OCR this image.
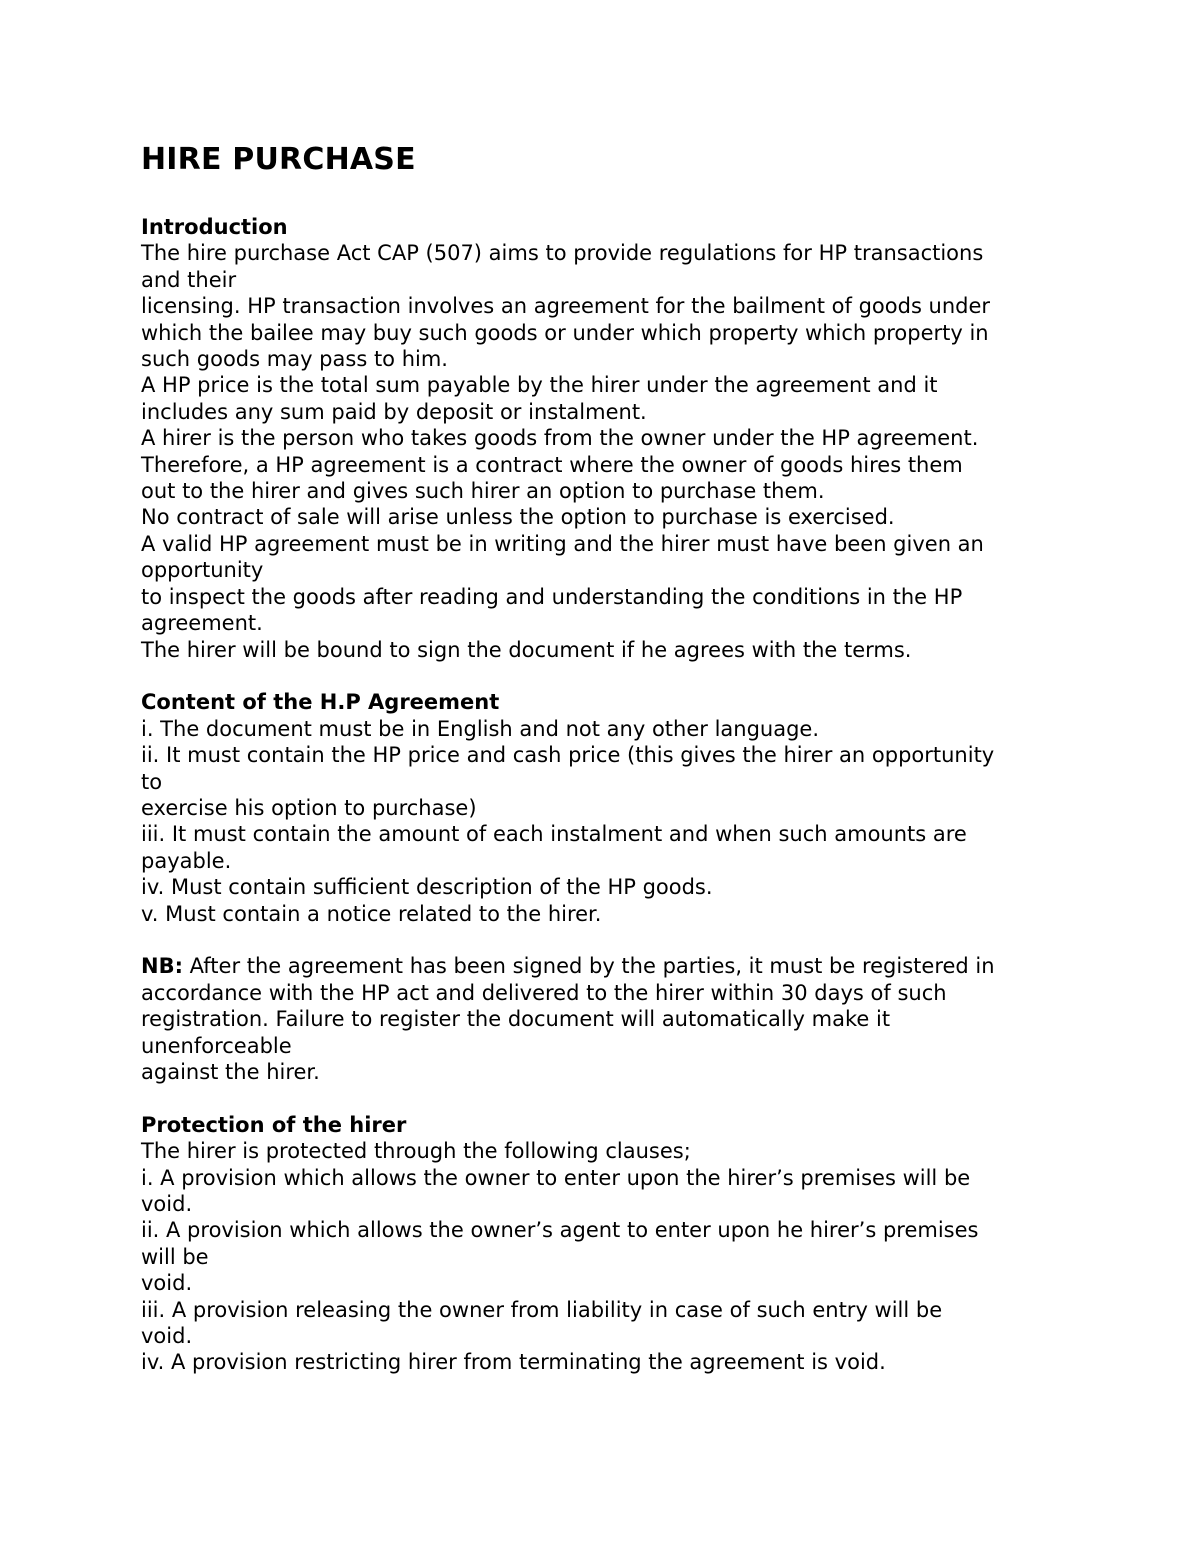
HIRE PURCHASE

Introduction

The hire purchase Act CAP (507) aims to provide regulations for HP transactions

and their

licensing. HP transaction involves an agreement for the bailment of goods under

which the bailee may buy such goods or under which property which property in

such goods may pass to him.

A HP price is the total sum payable by the hirer under the agreement and it

includes any sum paid by deposit or instalment.

A hirer is the person who takes goods from the owner under the HP agreement.

Therefore, a HP agreement is a contract where the owner of goods hires them

out to the hirer and gives such hirer an option to purchase them.

No contract of sale will arise unless the option to purchase is exercised.

A valid HP agreement must be in writing and the hirer must have been given an

opportunity

to inspect the goods after reading and understanding the conditions in the HP

agreement.

The hirer will be bound to sign the document if he agrees with the terms.

Content of the H.P Agreement

i. The document must be in English and not any other language.

ii. It must contain the HP price and cash price (this gives the hirer an opportunity

to

exercise his option to purchase)

iii. It must contain the amount of each instalment and when such amounts are

payable.

iv. Must contain sufficient description of the HP goods.

v. Must contain a notice related to the hirer.

NB: After the agreement has been signed by the parties, it must be registered in

accordance with the HP act and delivered to the hirer within 30 days of such

registration. Failure to register the document will automatically make it

unenforceable

against the hirer.

Protection of the hirer

The hirer is protected through the following clauses;

i. A provision which allows the owner to enter upon the hirer’s premises will be

void.

ii. A provision which allows the owner’s agent to enter upon he hirer’s premises

will be

void.

iii. A provision releasing the owner from liability in case of such entry will be

void.

iv. A provision restricting hirer from terminating the agreement is void.
